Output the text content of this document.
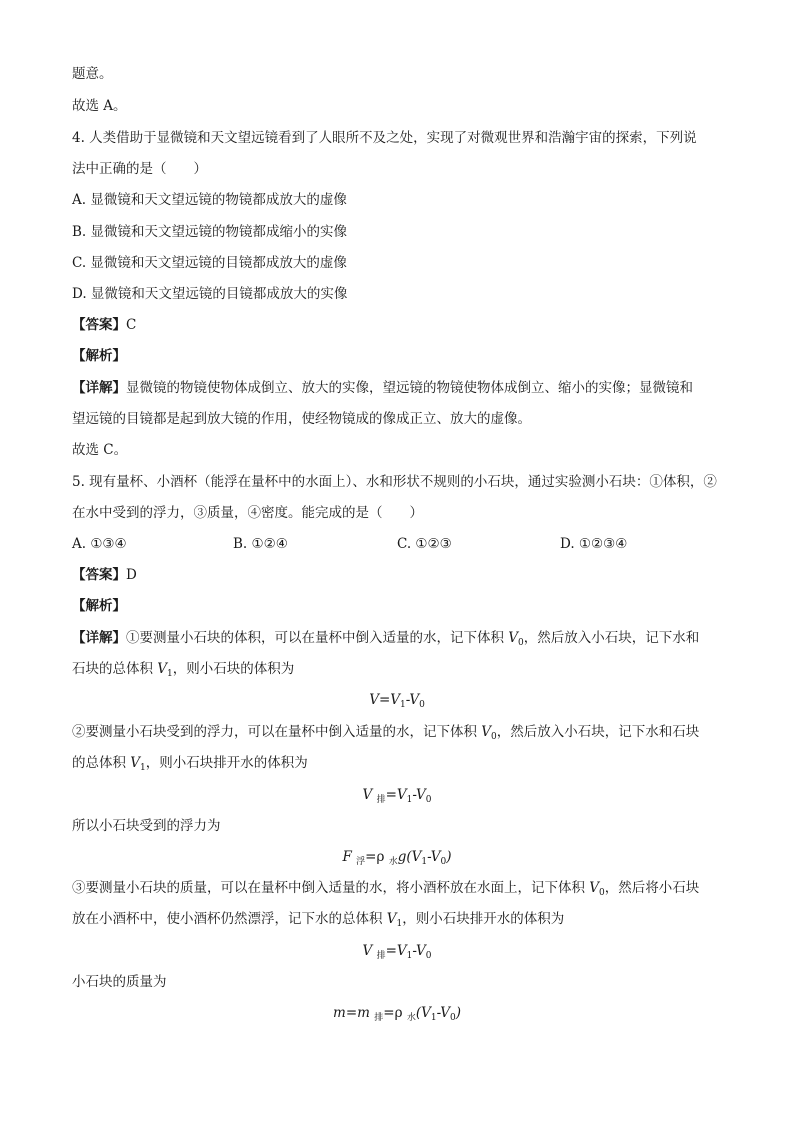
题意。
故选 A。
4. 人类借助于显微镜和天文望远镜看到了人眼所不及之处，实现了对微观世界和浩瀚宇宙的探索，下列说
法中正确的是（　　）
A. 显微镜和天文望远镜的物镜都成放大的虚像
B. 显微镜和天文望远镜的物镜都成缩小的实像
C. 显微镜和天文望远镜的目镜都成放大的虚像
D. 显微镜和天文望远镜的目镜都成放大的实像
【答案】C
【解析】
【详解】显微镜的物镜使物体成倒立、放大的实像，望远镜的物镜使物体成倒立、缩小的实像；显微镜和
望远镜的目镜都是起到放大镜的作用，使经物镜成的像成正立、放大的虚像。
故选 C。
5. 现有量杯、小酒杯（能浮在量杯中的水面上）、水和形状不规则的小石块，通过实验测小石块：①体积，②
在水中受到的浮力，③质量，④密度。能完成的是（　　）
A. ①③④	B. ①②④	C. ①②③	D. ①②③④
【答案】D
【解析】
【详解】①要测量小石块的体积，可以在量杯中倒入适量的水，记下体积 $V_0$，然后放入小石块，记下水和
石块的总体积 $V_1$，则小石块的体积为
$V=V_1-V_0$
②要测量小石块受到的浮力，可以在量杯中倒入适量的水，记下体积 $V_0$，然后放入小石块，记下水和石块
的总体积 $V_1$，则小石块排开水的体积为
V $_排=V_1-V_0$
所以小石块受到的浮力为
F $_浮$=ρ $_水g(V_1-V_0)$
③要测量小石块的质量，可以在量杯中倒入适量的水，将小酒杯放在水面上，记下体积 $V_0$，然后将小石块
放在小酒杯中，使小酒杯仍然漂浮，记下水的总体积 $V_1$，则小石块排开水的体积为
V $_排=V_1-V_0$
小石块的质量为
m=m $_排$=ρ $_水(V_1-V_0)$
